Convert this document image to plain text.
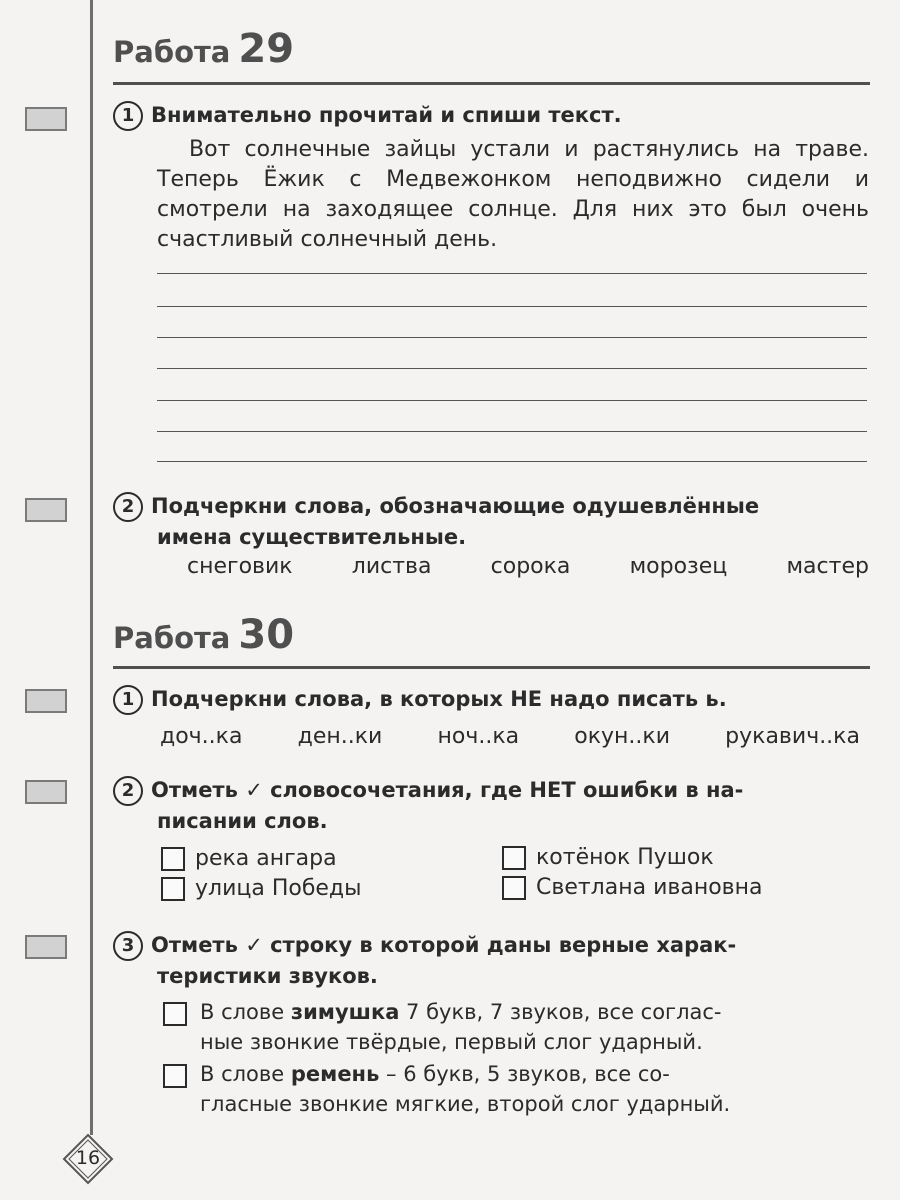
Работа 29
1 Внимательно прочитай и спиши текст.
Вот солнечные зайцы устали и растянулись на траве. Теперь Ёжик с Медвежонком неподвижно сидели и смотрели на заходящее солнце. Для них это был очень счастливый солнечный день.
2 Подчеркни слова, обозначающие одушевлённые
имена существительные.
снеговик	листва	сорока	морозец	мастер
Работа 30
1 Подчеркни слова, в которых НЕ надо писать ь.
доч..ка	ден..ки	ноч..ка	окун..ки	рукавич..ка
2 Отметь ✓ словосочетания, где НЕТ ошибки в на-
писании слов.
река ангара	котёнок Пушок
улица Победы	Светлана ивановна
3 Отметь ✓ строку в которой даны верные харак-
теристики звуков.
В слове зимушка 7 букв, 7 звуков, все соглас-
ные звонкие твёрдые, первый слог ударный.
В слове ремень – 6 букв, 5 звуков, все со-
гласные звонкие мягкие, второй слог ударный.
16
